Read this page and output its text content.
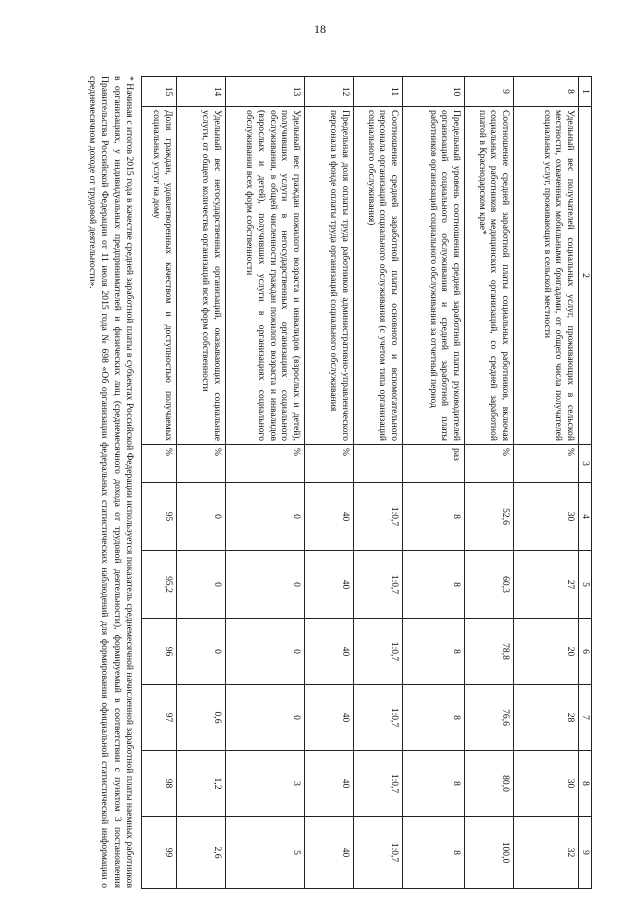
18
1	2	3	4	5	6	7	8	9
8	Удельный вес получателей социальных услуг, проживающих в сельской местности, охваченных мобильными бригадами, от общего числа получателей социальных услуг, проживающих в сельской местности	%	30	27	20	28	30	32
9	Соотношение средней заработной платы социальных работников, включая социальных работников медицинских организаций, со средней заработной платой в Краснодарском крае*	%	52,6	60,3	78,8	76,6	80,0	100,0
10	Предельный уровень соотношения средней заработной платы руководителей организаций социального обслуживания и средней заработной платы работников организаций социального обслуживания за отчетный период	раз	8	8	8	8	8	8
11	Соотношение средней заработной платы основного и вспомогательного персонала организаций социального обслуживания (с учетом типа организаций социального обслуживания)		1:0,7	1:0,7	1:0,7	1:0,7	1:0,7	1:0,7
12	Предельная доля оплаты труда работников административно-управленческого персонала в фонде оплаты труда организаций социального обслуживания	%	40	40	40	40	40	40
13	Удельный вес граждан пожилого возраста и инвалидов (взрослых и детей), получивших услуги в негосударственных организациях социального обслуживания, в общей численности граждан пожилого возраста и инвалидов (взрослых и детей), получивших услуги в организациях социального обслуживания всех форм собственности	%	0	0	0	0	3	5
14	Удельный вес негосударственных организаций, оказывающих социальные услуги, от общего количества организаций всех форм собственности	%	0	0	0	0,6	1,2	2,6
15	Доля граждан, удовлетворенных качеством и доступностью получаемых социальных услуг на дому	%	95	95,2	96	97	98	99
* Начиная с итогов 2015 года в качестве средней заработной платы в субъектах Российской Федерации используется показатель среднемесячной начисленной заработной платы наемных работников в организациях, у индивидуальных предпринимателей и физических лиц (среднемесячного дохода от трудовой деятельности), формируемый в соответствии с пунктом 3 постановления Правительства Российской Федерации от 11 июля 2015 года № 698 «Об организации федеральных статистических наблюдений для формирования официальной статистической информации о среднемесячном доходе от трудовой деятельности».
